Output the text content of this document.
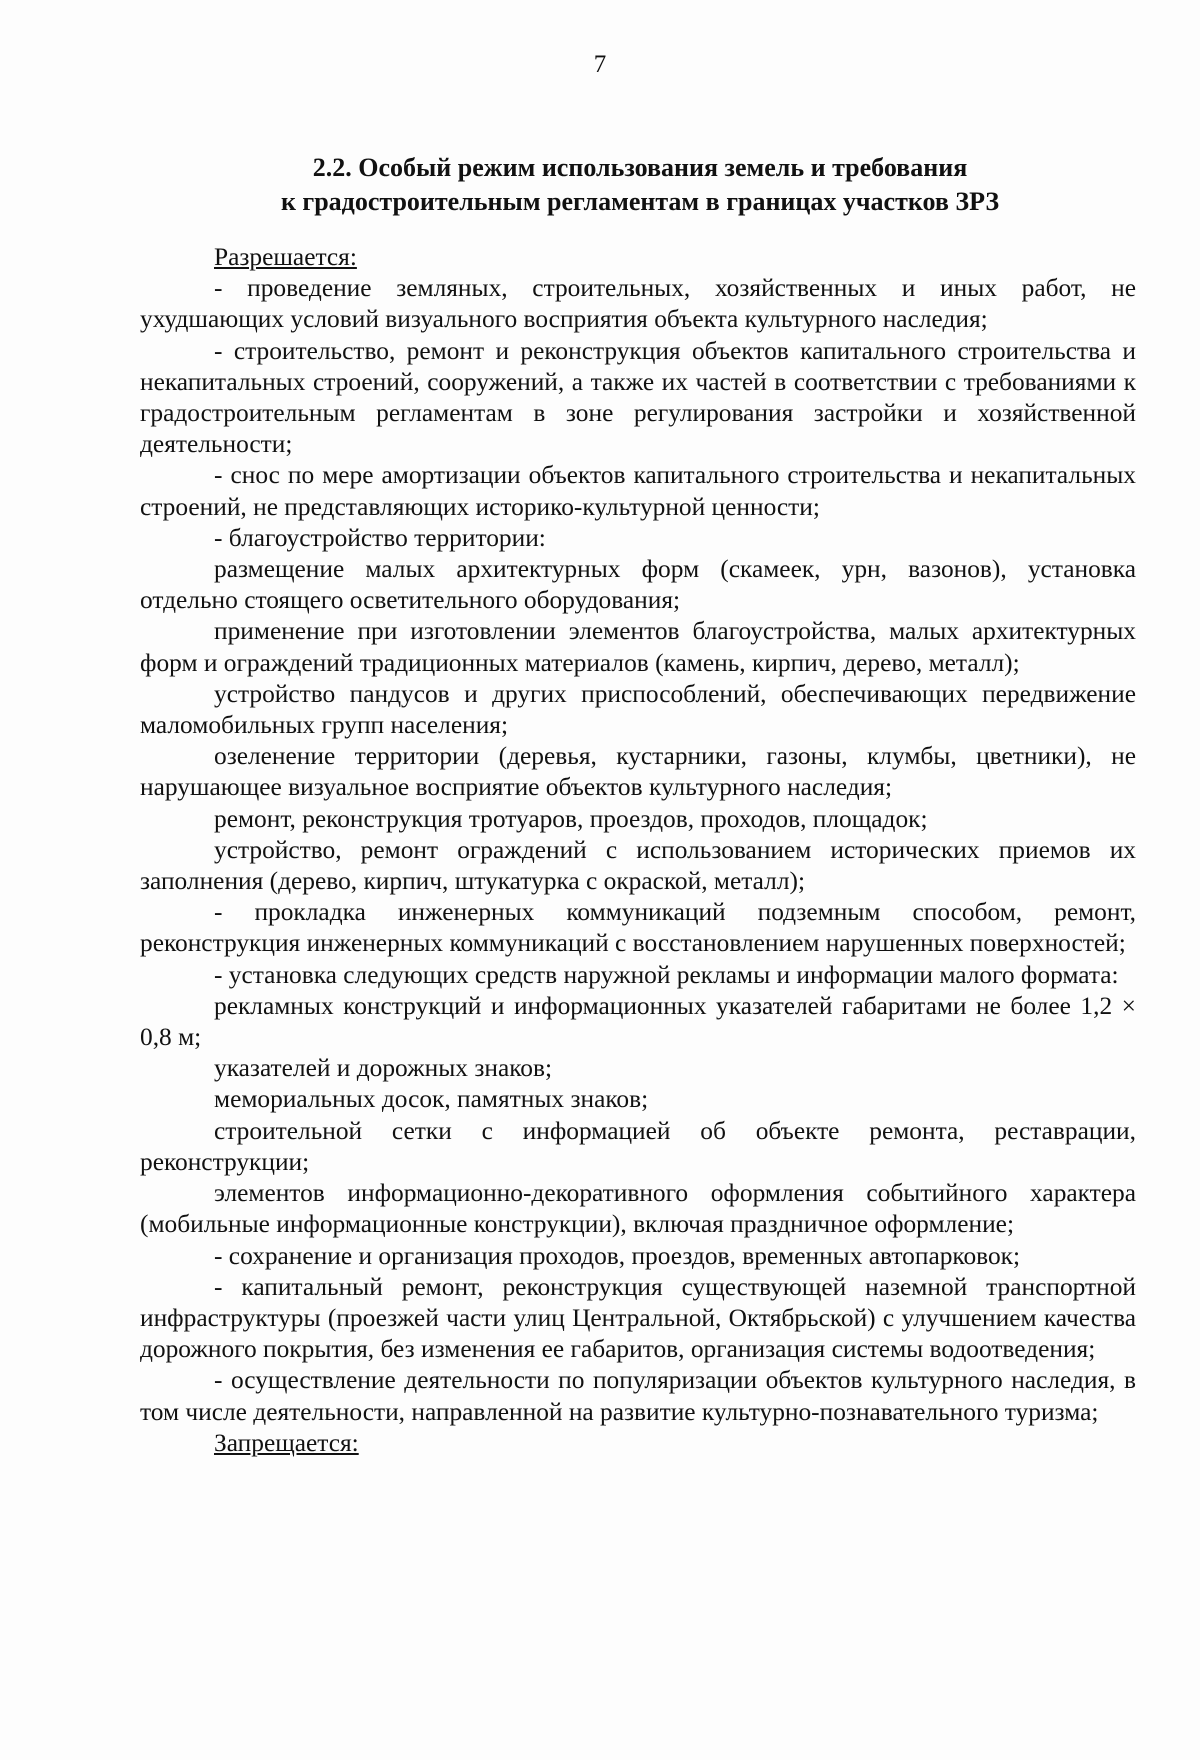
7
2.2. Особый режим использования земель и требования
к градостроительным регламентам в границах участков ЗРЗ

Разрешается:

- проведение земляных, строительных, хозяйственных и иных работ, не ухудшающих условий визуального восприятия объекта культурного наследия;

- строительство, ремонт и реконструкция объектов капитального строительства и некапитальных строений, сооружений, а также их частей в соответствии с требованиями к градостроительным регламентам в зоне регулирования застройки и хозяйственной деятельности;

- снос по мере амортизации объектов капитального строительства и некапитальных строений, не представляющих историко-культурной ценности;

- благоустройство территории:

размещение малых архитектурных форм (скамеек, урн, вазонов), установка отдельно стоящего осветительного оборудования;

применение при изготовлении элементов благоустройства, малых архитектурных форм и ограждений традиционных материалов (камень, кирпич, дерево, металл);

устройство пандусов и других приспособлений, обеспечивающих передвижение маломобильных групп населения;

озеленение территории (деревья, кустарники, газоны, клумбы, цветники), не нарушающее визуальное восприятие объектов культурного наследия;

ремонт, реконструкция тротуаров, проездов, проходов, площадок;

устройство, ремонт ограждений с использованием исторических приемов их заполнения (дерево, кирпич, штукатурка с окраской, металл);

- прокладка инженерных коммуникаций подземным способом, ремонт, реконструкция инженерных коммуникаций с восстановлением нарушенных поверхностей;

- установка следующих средств наружной рекламы и информации малого формата:

рекламных конструкций и информационных указателей габаритами не более 1,2 × 0,8 м;

указателей и дорожных знаков;

мемориальных досок, памятных знаков;

строительной сетки с информацией об объекте ремонта, реставрации, реконструкции;

элементов информационно-декоративного оформления событийного характера (мобильные информационные конструкции), включая праздничное оформление;

- сохранение и организация проходов, проездов, временных автопарковок;

- капитальный ремонт, реконструкция существующей наземной транспортной инфраструктуры (проезжей части улиц Центральной, Октябрьской) с улучшением качества дорожного покрытия, без изменения ее габаритов, организация системы водоотведения;

- осуществление деятельности по популяризации объектов культурного наследия, в том числе деятельности, направленной на развитие культурно-познавательного туризма;

Запрещается:
